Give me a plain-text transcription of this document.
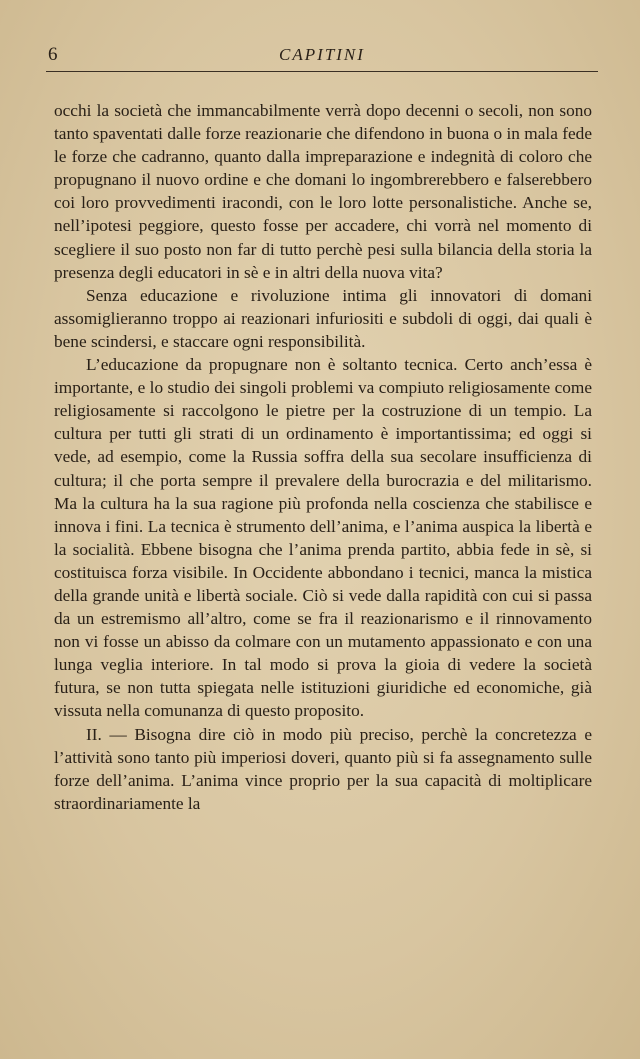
6	CAPITINI

occhi la società che immancabilmente verrà dopo decenni o secoli, non sono tanto spaventati dalle forze reazionarie che difendono in buona o in mala fede le forze che cadranno, quanto dalla impreparazione e indegnità di coloro che propugnano il nuovo ordine e che domani lo ingombrerebbero e falserebbero coi loro provvedimenti iracondi, con le loro lotte personalistiche. Anche se, nell’ipotesi peggiore, questo fosse per accadere, chi vorrà nel momento di scegliere il suo posto non far di tutto perchè pesi sulla bilancia della storia la presenza degli educatori in sè e in altri della nuova vita?

Senza educazione e rivoluzione intima gli innovatori di domani assomiglieranno troppo ai reazionari infuriositi e subdoli di oggi, dai quali è bene scindersi, e staccare ogni responsibilità.

L’educazione da propugnare non è soltanto tecnica. Certo anch’essa è importante, e lo studio dei singoli problemi va compiuto religiosamente come religiosamente si raccolgono le pietre per la costruzione di un tempio. La cultura per tutti gli strati di un ordinamento è importantissima; ed oggi si vede, ad esempio, come la Russia soffra della sua secolare insufficienza di cultura; il che porta sempre il prevalere della burocrazia e del militarismo. Ma la cultura ha la sua ragione più profonda nella coscienza che stabilisce e innova i fini. La tecnica è strumento dell’anima, e l’anima auspica la libertà e la socialità. Ebbene bisogna che l’anima prenda partito, abbia fede in sè, si costituisca forza visibile. In Occidente abbondano i tecnici, manca la mistica della grande unità e libertà sociale. Ciò si vede dalla rapidità con cui si passa da un estremismo all’altro, come se fra il reazionarismo e il rinnovamento non vi fosse un abisso da colmare con un mutamento appassionato e con una lunga veglia interiore. In tal modo si prova la gioia di vedere la società futura, se non tutta spiegata nelle istituzioni giuridiche ed economiche, già vissuta nella comunanza di questo proposito.

II. — Bisogna dire ciò in modo più preciso, perchè la concretezza e l’attività sono tanto più imperiosi doveri, quanto più si fa assegnamento sulle forze dell’anima. L’anima vince proprio per la sua capacità di moltiplicare straordinariamente la
